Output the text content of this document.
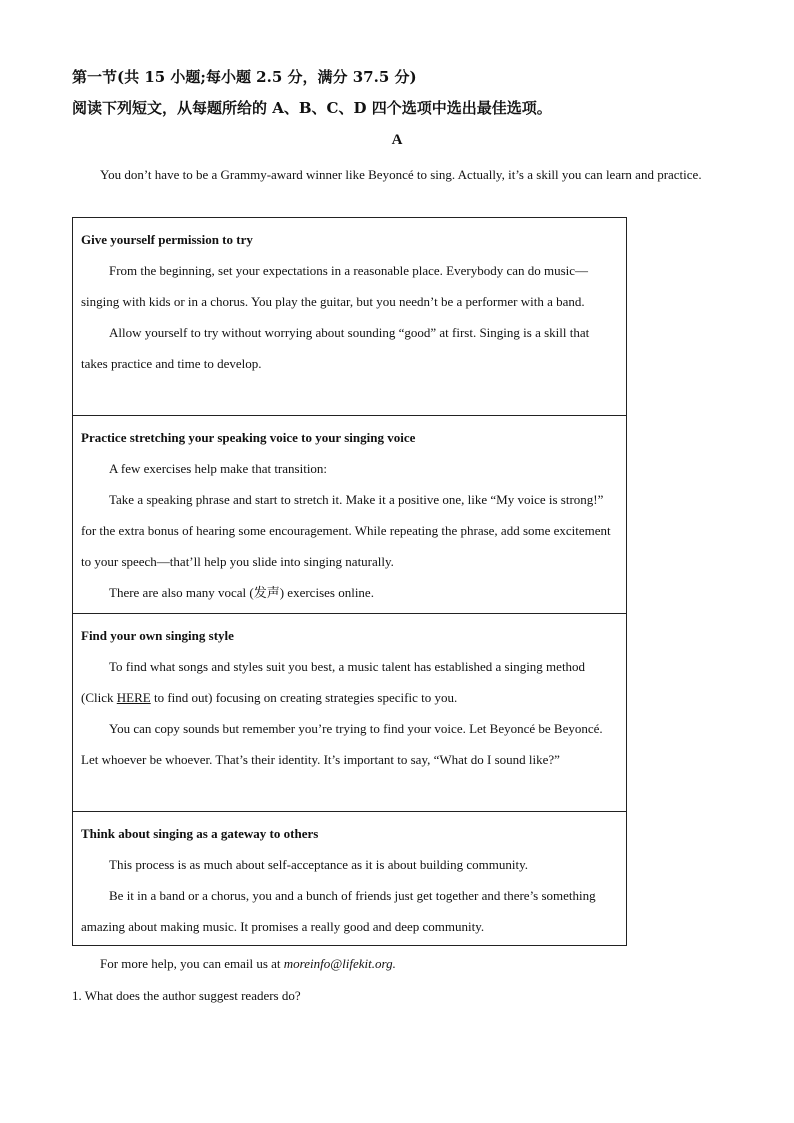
第一节(共 15 小题;每小题 2.5 分，满分 37.5 分)
阅读下列短文，从每题所给的 A、B、C、D 四个选项中选出最佳选项。
A

You don’t have to be a Grammy-award winner like Beyoncé to sing. Actually, it’s a skill you can learn and practice.

Give yourself permission to try

From the beginning, set your expectations in a reasonable place. Everybody can do music—singing with kids or in a chorus. You play the guitar, but you needn’t be a performer with a band.

Allow yourself to try without worrying about sounding “good” at first. Singing is a skill that takes practice and time to develop.

Practice stretching your speaking voice to your singing voice

A few exercises help make that transition:

Take a speaking phrase and start to stretch it. Make it a positive one, like “My voice is strong!” for the extra bonus of hearing some encouragement. While repeating the phrase, add some excitement to your speech—that’ll help you slide into singing naturally.

There are also many vocal (发声) exercises online.

Find your own singing style

To find what songs and styles suit you best, a music talent has established a singing method (Click HERE to find out) focusing on creating strategies specific to you.

You can copy sounds but remember you’re trying to find your voice. Let Beyoncé be Beyoncé. Let whoever be whoever. That’s their identity. It’s important to say, “What do I sound like?”

Think about singing as a gateway to others

This process is as much about self-acceptance as it is about building community.

Be it in a band or a chorus, you and a bunch of friends just get together and there’s something amazing about making music. It promises a really good and deep community.

For more help, you can email us at moreinfo@lifekit.org.

1. What does the author suggest readers do?
